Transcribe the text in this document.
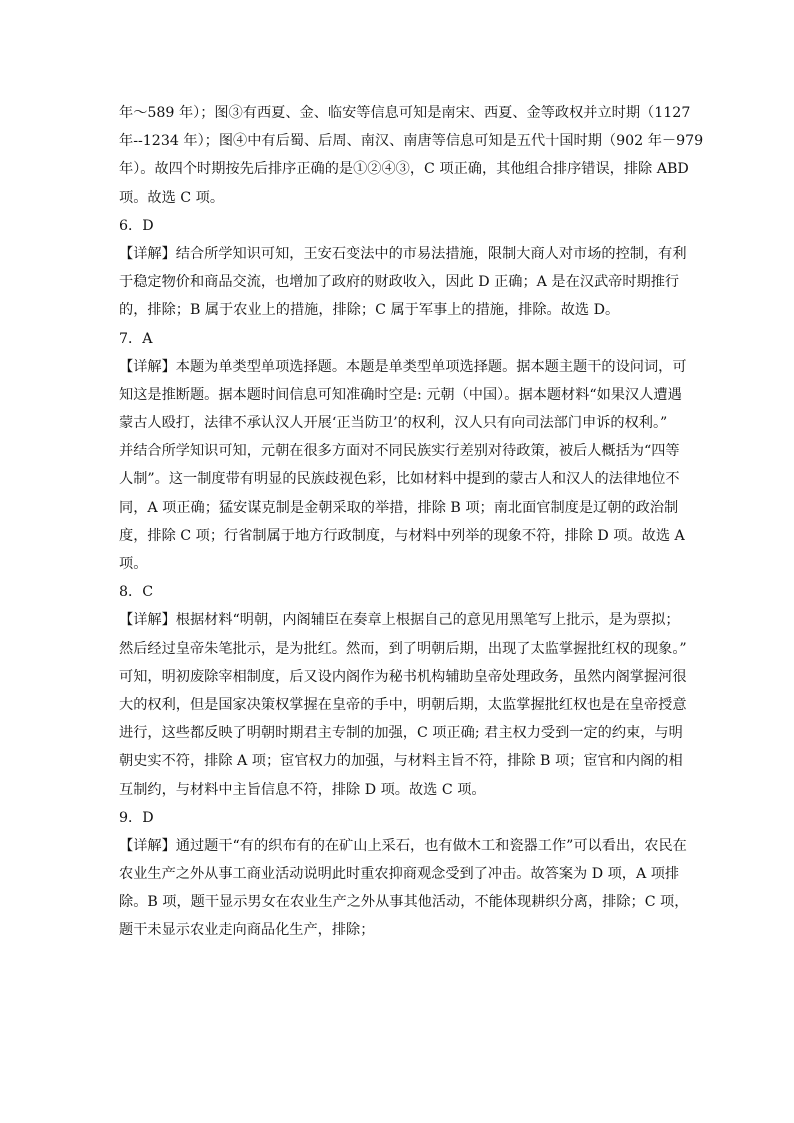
年～589 年）；图③有西夏、金、临安等信息可知是南宋、西夏、金等政权并立时期（1127
年--1234 年）；图④中有后蜀、后周、南汉、南唐等信息可知是五代十国时期（902 年－979
年）。故四个时期按先后排序正确的是①②④③，C 项正确，其他组合排序错误，排除 ABD
项。故选 C 项。
6．D
【详解】结合所学知识可知，王安石变法中的市易法措施，限制大商人对市场的控制，有利
于稳定物价和商品交流，也增加了政府的财政收入，因此 D 正确；A 是在汉武帝时期推行
的，排除；B 属于农业上的措施，排除；C 属于军事上的措施，排除。故选 D。
7．A
【详解】本题为单类型单项选择题。本题是单类型单项选择题。据本题主题干的设问词，可
知这是推断题。据本题时间信息可知准确时空是: 元朝（中国）。据本题材料“如果汉人遭遇
蒙古人殴打，法律不承认汉人开展‘正当防卫’的权利，汉人只有向司法部门申诉的权利。”
并结合所学知识可知，元朝在很多方面对不同民族实行差别对待政策，被后人概括为“四等
人制”。这一制度带有明显的民族歧视色彩，比如材料中提到的蒙古人和汉人的法律地位不
同，A 项正确；猛安谋克制是金朝采取的举措，排除 B 项；南北面官制度是辽朝的政治制
度，排除 C 项；行省制属于地方行政制度，与材料中列举的现象不符，排除 D 项。故选 A
项。
8．C
【详解】根据材料“明朝，内阁辅臣在奏章上根据自己的意见用黑笔写上批示，是为票拟；
然后经过皇帝朱笔批示，是为批红。然而，到了明朝后期，出现了太监掌握批红权的现象。”
可知，明初废除宰相制度，后又设内阁作为秘书机构辅助皇帝处理政务，虽然内阁掌握河很
大的权利，但是国家决策权掌握在皇帝的手中，明朝后期，太监掌握批红权也是在皇帝授意
进行，这些都反映了明朝时期君主专制的加强，C 项正确; 君主权力受到一定的约束，与明
朝史实不符，排除 A 项；宦官权力的加强，与材料主旨不符，排除 B 项；宦官和内阁的相
互制约，与材料中主旨信息不符，排除 D 项。故选 C 项。
9．D
【详解】通过题干“有的织布有的在矿山上采石，也有做木工和瓷器工作”可以看出，农民在
农业生产之外从事工商业活动说明此时重农抑商观念受到了冲击。故答案为 D 项，A 项排
除。B 项，题干显示男女在农业生产之外从事其他活动，不能体现耕织分离，排除；C 项，
题干未显示农业走向商品化生产，排除；
